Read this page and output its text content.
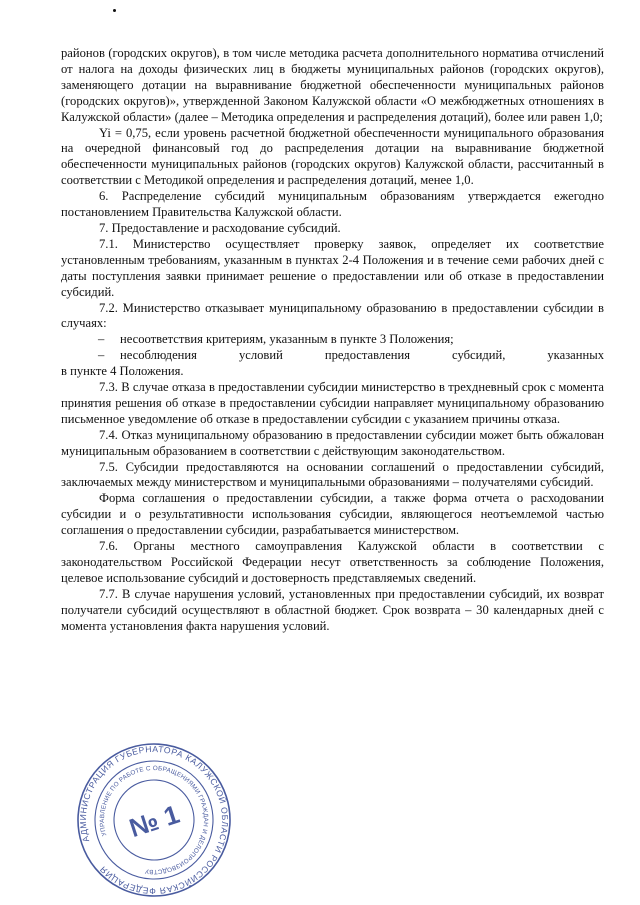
районов (городских округов), в том числе методика расчета дополнительного норматива отчислений от налога на доходы физических лиц в бюджеты муниципальных районов (городских округов), заменяющего дотации на выравнивание бюджетной обеспеченности муниципальных районов (городских округов)», утвержденной Законом Калужской области «О межбюджетных отношениях в Калужской области» (далее – Методика определения и распределения дотаций), более или равен 1,0;

Yi = 0,75, если уровень расчетной бюджетной обеспеченности муниципального образования на очередной финансовый год до распределения дотации на выравнивание бюджетной обеспеченности муниципальных районов (городских округов) Калужской области, рассчитанный в соответствии с Методикой определения и распределения дотаций, менее 1,0.

6. Распределение субсидий муниципальным образованиям утверждается ежегодно постановлением Правительства Калужской области.

7. Предоставление и расходование субсидий.

7.1. Министерство осуществляет проверку заявок, определяет их соответствие установленным требованиям, указанным в пунктах 2-4 Положения и в течение семи рабочих дней с даты поступления заявки принимает решение о предоставлении или об отказе в предоставлении субсидий.

7.2. Министерство отказывает муниципальному образованию в предоставлении субсидии в случаях:

–	несоответствия критериям, указанным в пункте 3 Положения;
–	несоблюдения условий предоставления субсидий, указанных

в пункте 4 Положения.

7.3. В случае отказа в предоставлении субсидии министерство в трехдневный срок с момента принятия решения об отказе в предоставлении субсидии направляет муниципальному образованию письменное уведомление об отказе в предоставлении субсидии с указанием причины отказа.

7.4. Отказ муниципальному образованию в предоставлении субсидии может быть обжалован муниципальным образованием в соответствии с действующим законодательством.

7.5. Субсидии предоставляются на основании соглашений о предоставлении субсидий, заключаемых между министерством и муниципальными образованиями – получателями субсидий.

Форма соглашения о предоставлении субсидии, а также форма отчета о расходовании субсидии и о результативности использования субсидии, являющегося неотъемлемой частью соглашения о предоставлении субсидии, разрабатывается министерством.

7.6. Органы местного самоуправления Калужской области в соответствии с законодательством Российской Федерации несут ответственность за соблюдение Положения, целевое использование субсидий и достоверность представляемых сведений.

7.7. В случае нарушения условий, установленных при предоставлении субсидий, их возврат получатели субсидий осуществляют в областной бюджет. Срок возврата – 30 календарных дней с момента установления факта нарушения условий.

АДМИНИСТРАЦИЯ ГУБЕРНАТОРА КАЛУЖСКОЙ ОБЛАСТИ РОССИЙСКАЯ ФЕДЕРАЦИЯ
УПРАВЛЕНИЕ ПО РАБОТЕ С ОБРАЩЕНИЯМИ ГРАЖДАН И ДЕЛОПРОИЗВОДСТВУ
№ 1
